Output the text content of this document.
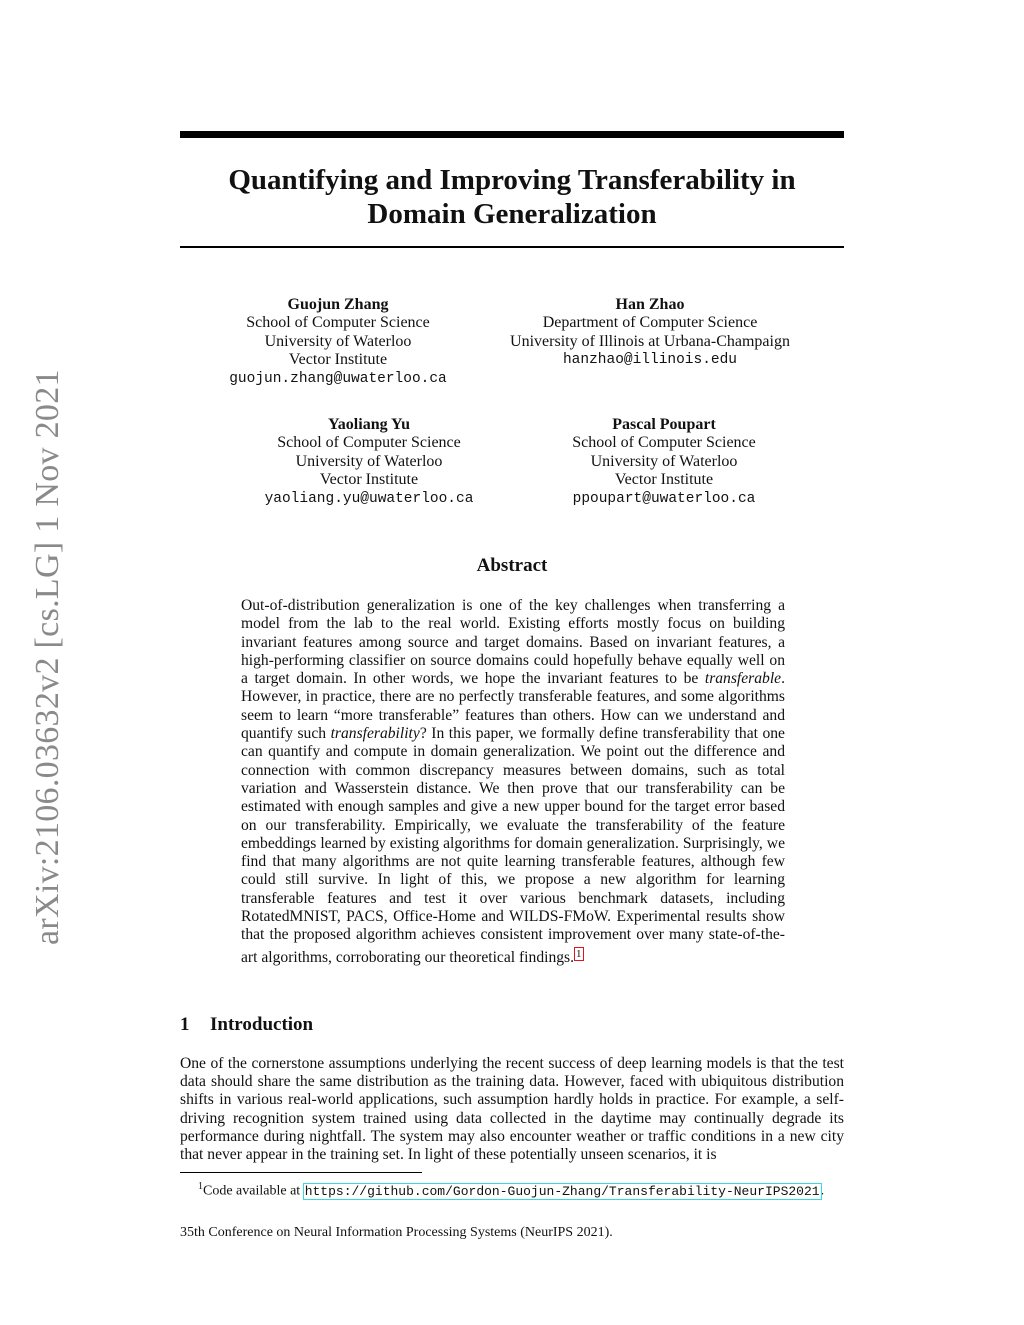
arXiv:2106.03632v2 [cs.LG] 1 Nov 2021
Quantifying and Improving Transferability in
Domain Generalization
Guojun Zhang
School of Computer Science
University of Waterloo
Vector Institute
guojun.zhang@uwaterloo.ca
Han Zhao
Department of Computer Science
University of Illinois at Urbana-Champaign
hanzhao@illinois.edu
Yaoliang Yu
School of Computer Science
University of Waterloo
Vector Institute
yaoliang.yu@uwaterloo.ca
Pascal Poupart
School of Computer Science
University of Waterloo
Vector Institute
ppoupart@uwaterloo.ca
Abstract
Out-of-distribution generalization is one of the key challenges when transferring a model from the lab to the real world. Existing efforts mostly focus on building invariant features among source and target domains. Based on invariant features, a high-performing classifier on source domains could hopefully behave equally well on a target domain. In other words, we hope the invariant features to be transferable. However, in practice, there are no perfectly transferable features, and some algorithms seem to learn “more transferable” features than others. How can we understand and quantify such transferability? In this paper, we formally define transferability that one can quantify and compute in domain generalization. We point out the difference and connection with common discrepancy measures between domains, such as total variation and Wasserstein distance. We then prove that our transferability can be estimated with enough samples and give a new upper bound for the target error based on our transferability. Empirically, we evaluate the transferability of the feature embeddings learned by existing algorithms for domain generalization. Surprisingly, we find that many algorithms are not quite learning transferable features, although few could still survive. In light of this, we propose a new algorithm for learning transferable features and test it over various benchmark datasets, including RotatedMNIST, PACS, Office-Home and WILDS-FMoW. Experimental results show that the proposed algorithm achieves consistent improvement over many state-of-the-art algorithms, corroborating our theoretical findings. $^1$
1 Introduction
One of the cornerstone assumptions underlying the recent success of deep learning models is that the test data should share the same distribution as the training data. However, faced with ubiquitous distribution shifts in various real-world applications, such assumption hardly holds in practice. For example, a self-driving recognition system trained using data collected in the daytime may continually degrade its performance during nightfall. The system may also encounter weather or traffic conditions in a new city that never appear in the training set. In light of these potentially unseen scenarios, it is
$^1$Code available at https://github.com/Gordon-Guojun-Zhang/Transferability-NeurIPS2021.
35th Conference on Neural Information Processing Systems (NeurIPS 2021).
